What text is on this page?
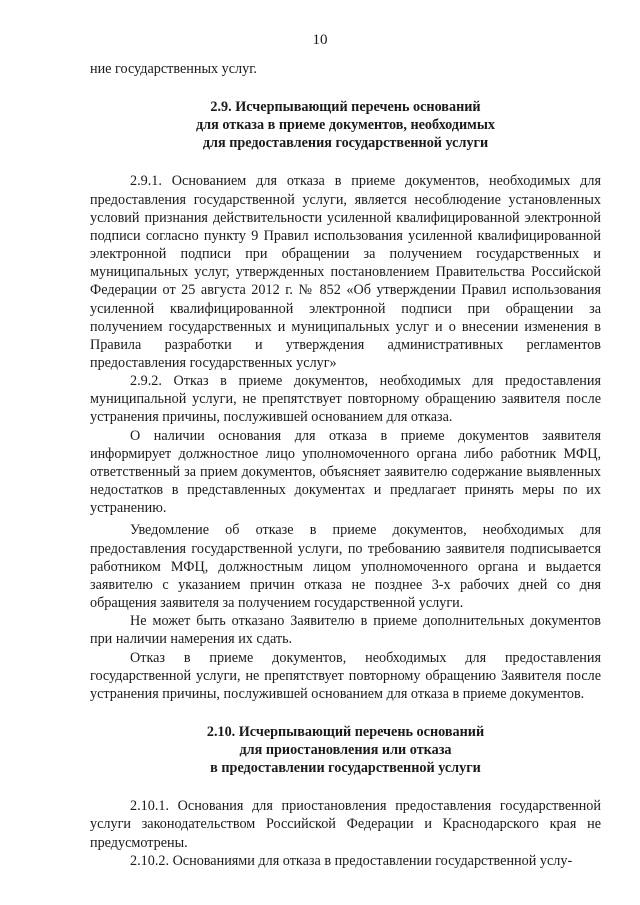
10

ние государственных услуг.

2.9. Исчерпывающий перечень оснований
для отказа в приеме документов, необходимых
для предоставления государственной услуги

2.9.1. Основанием для отказа в приеме документов, необходимых для предоставления государственной услуги, является несоблюдение установленных условий признания действительности усиленной квалифицированной электронной подписи согласно пункту 9 Правил использования усиленной квалифицированной электронной подписи при обращении за получением государственных и муниципальных услуг, утвержденных постановлением Правительства Российской Федерации от 25 августа 2012 г. № 852 «Об утверждении Правил использования усиленной квалифицированной электронной подписи при обращении за получением государственных и муниципальных услуг и о внесении изменения в Правила разработки и утверждения административных регламентов предоставления государственных услуг»

2.9.2. Отказ в приеме документов, необходимых для предоставления муниципальной услуги, не препятствует повторному обращению заявителя после устранения причины, послужившей основанием для отказа.

О наличии основания для отказа в приеме документов заявителя информирует должностное лицо уполномоченного органа либо работник МФЦ, ответственный за прием документов, объясняет заявителю содержание выявленных недостатков в представленных документах и предлагает принять меры по их устранению.

Уведомление об отказе в приеме документов, необходимых для предоставления государственной услуги, по требованию заявителя подписывается работником МФЦ, должностным лицом уполномоченного органа и выдается заявителю с указанием причин отказа не позднее 3-х рабочих дней со дня обращения заявителя за получением государственной услуги.

Не может быть отказано Заявителю в приеме дополнительных документов при наличии намерения их сдать.

Отказ в приеме документов, необходимых для предоставления государственной услуги, не препятствует повторному обращению Заявителя после устранения причины, послужившей основанием для отказа в приеме документов.

2.10. Исчерпывающий перечень оснований
для приостановления или отказа
в предоставлении государственной услуги

2.10.1. Основания для приостановления предоставления государственной услуги законодательством Российской Федерации и Краснодарского края не предусмотрены.

2.10.2. Основаниями для отказа в предоставлении государственной услу-
